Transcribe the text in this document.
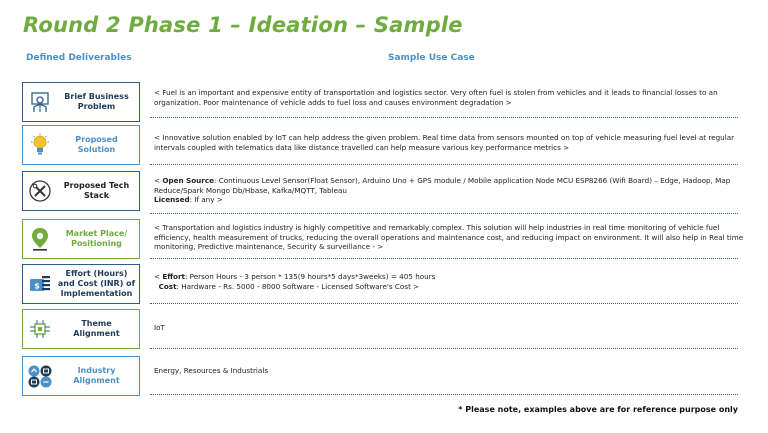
Round 2 Phase 1 – Ideation – Sample
Defined Deliverables	Sample Use Case
Brief Business Problem
< Fuel is an important and expensive entity of transportation and logistics sector. Very often fuel is stolen from vehicles and it leads to financial losses to an organization. Poor maintenance of vehicle adds to fuel loss and causes environment degradation >
Proposed Solution
< Innovative solution enabled by IoT can help address the given problem. Real time data from sensors mounted on top of vehicle measuring fuel level at regular intervals coupled with telematics data like distance travelled can help measure various key performance metrics >
Proposed Tech Stack
< Open Source: Continuous Level Sensor(Float Sensor), Arduino Uno + GPS module / Mobile application Node MCU ESP8266 (Wifi Board) – Edge, Hadoop, Map Reduce/Spark Mongo Db/Hbase, Kafka/MQTT, Tableau
Licensed: If any >
Market Place/ Positioning
< Transportation and logistics industry is highly competitive and remarkably complex. This solution will help industries in real time monitoring of vehicle fuel efficiency, health measurement of trucks, reducing the overall operations and maintenance cost, and reducing impact on environment. It will also help in Real time monitoring, Predictive maintenance, Security & surveillance - >
$
Effort (Hours) and Cost (INR) of Implementation
< Effort: Person Hours - 3 person * 135(9 hours*5 days*3weeks) = 405 hours
Cost: Hardware - Rs. 5000 - 8000 Software - Licensed Software's Cost >
Theme Alignment
IoT
Industry Alignment
Energy, Resources & Industrials
* Please note, examples above are for reference purpose only
